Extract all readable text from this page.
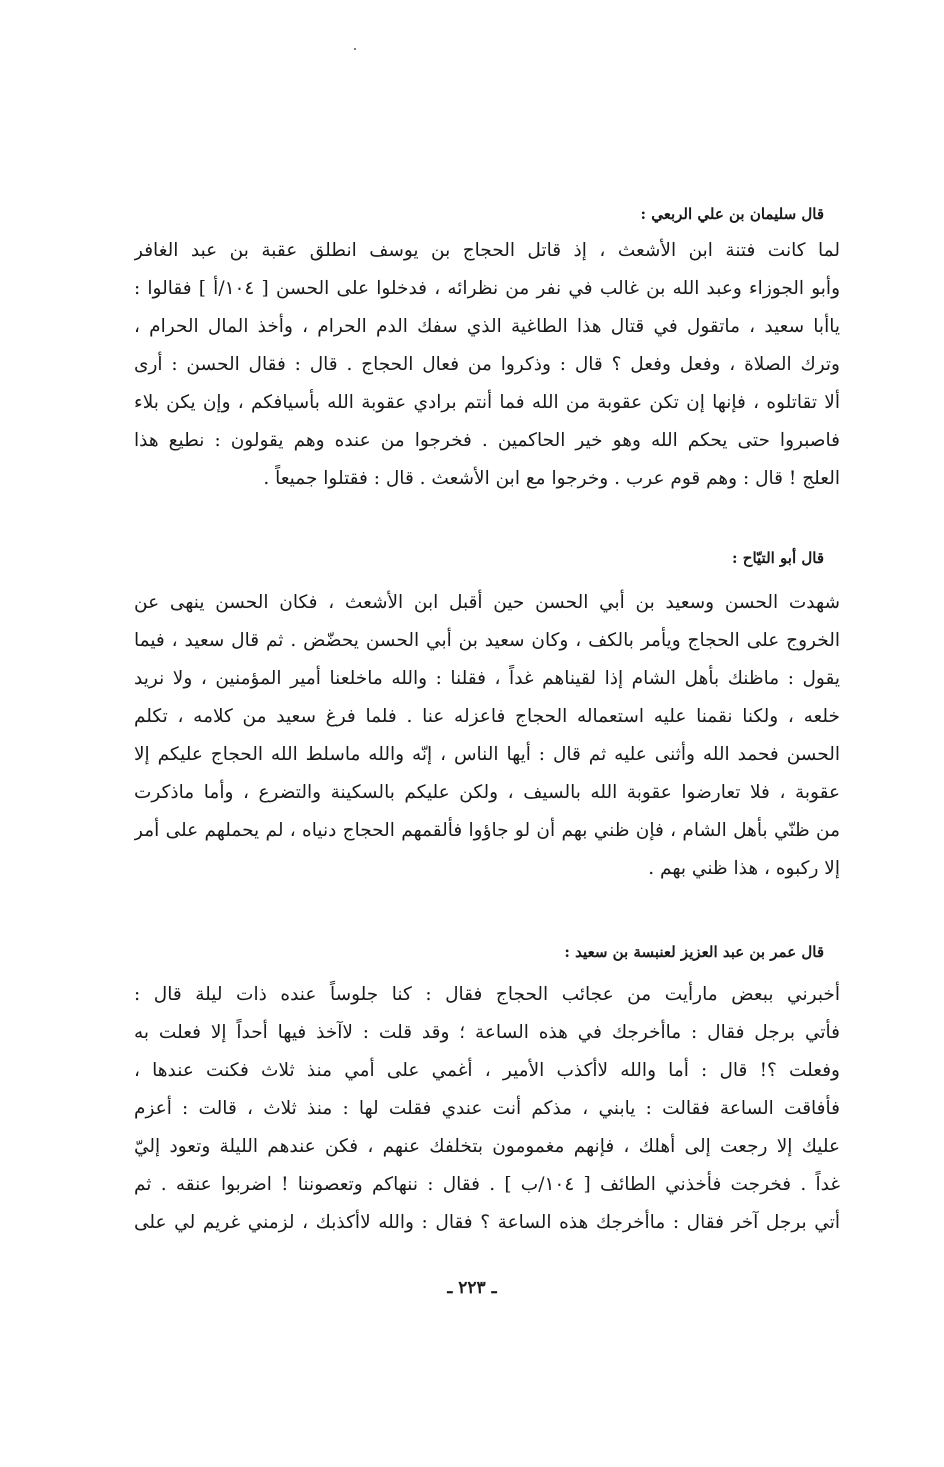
قال سليمان بن علي الربعي :

لما كانت فتنة ابن الأشعث ، إذ قاتل الحجاج بن يوسف انطلق عقبة بن عبد الغافر
وأبو الجوزاء وعبد الله بن غالب في نفر من نظرائه ، فدخلوا على الحسن [ ١٠٤/أ ] فقالوا :
ياأبا سعيد ، ماتقول في قتال هذا الطاغية الذي سفك الدم الحرام ، وأخذ المال الحرام ،
وترك الصلاة ، وفعل وفعل ؟ قال : وذكروا من فعال الحجاج . قال : فقال الحسن : أرى
ألا تقاتلوه ، فإنها إن تكن عقوبة من الله فما أنتم برادي عقوبة الله بأسيافكم ، وإن يكن بلاء
فاصبروا حتى يحكم الله وهو خير الحاكمين . فخرجوا من عنده وهم يقولون : نطيع هذا
العلج ! قال : وهم قوم عرب . وخرجوا مع ابن الأشعث . قال : فقتلوا جميعاً .

قال أبو التيّاح :

شهدت الحسن وسعيد بن أبي الحسن حين أقبل ابن الأشعث ، فكان الحسن ينهى عن
الخروج على الحجاج ويأمر بالكف ، وكان سعيد بن أبي الحسن يحضّض . ثم قال سعيد ، فيما
يقول : ماظنك بأهل الشام إذا لقيناهم غداً ، فقلنا : والله ماخلعنا أمير المؤمنين ، ولا نريد
خلعه ، ولكنا نقمنا عليه استعماله الحجاج فاعزله عنا . فلما فرغ سعيد من كلامه ، تكلم
الحسن فحمد الله وأثنى عليه ثم قال : أيها الناس ، إنّه والله ماسلط الله الحجاج عليكم إلا
عقوبة ، فلا تعارضوا عقوبة الله بالسيف ، ولكن عليكم بالسكينة والتضرع ، وأما ماذكرت
من ظنّي بأهل الشام ، فإن ظني بهم أن لو جاؤوا فألقمهم الحجاج دنياه ، لم يحملهم على أمر
إلا ركبوه ، هذا ظني بهم .

قال عمر بن عبد العزيز لعنبسة بن سعيد :

أخبرني ببعض مارأيت من عجائب الحجاج فقال : كنا جلوساً عنده ذات ليلة قال :
فأتي برجل فقال : ماأخرجك في هذه الساعة ؛ وقد قلت : لاآخذ فيها أحداً إلا فعلت به
وفعلت ؟! قال : أما والله لاأكذب الأمير ، أغمي على أمي منذ ثلاث فكنت عندها ،
فأفاقت الساعة فقالت : يابني ، مذكم أنت عندي فقلت لها : منذ ثلاث ، قالت : أعزم
عليك إلا رجعت إلى أهلك ، فإنهم مغمومون بتخلفك عنهم ، فكن عندهم الليلة وتعود إليّ
غداً . فخرجت فأخذني الطائف [ ١٠٤/ب ] . فقال : ننهاكم وتعصوننا ! اضربوا عنقه . ثم
أتي برجل آخر فقال : ماأخرجك هذه الساعة ؟ فقال : والله لاأكذبك ، لزمني غريم لي على

ـ ٢٢٣ ـ
